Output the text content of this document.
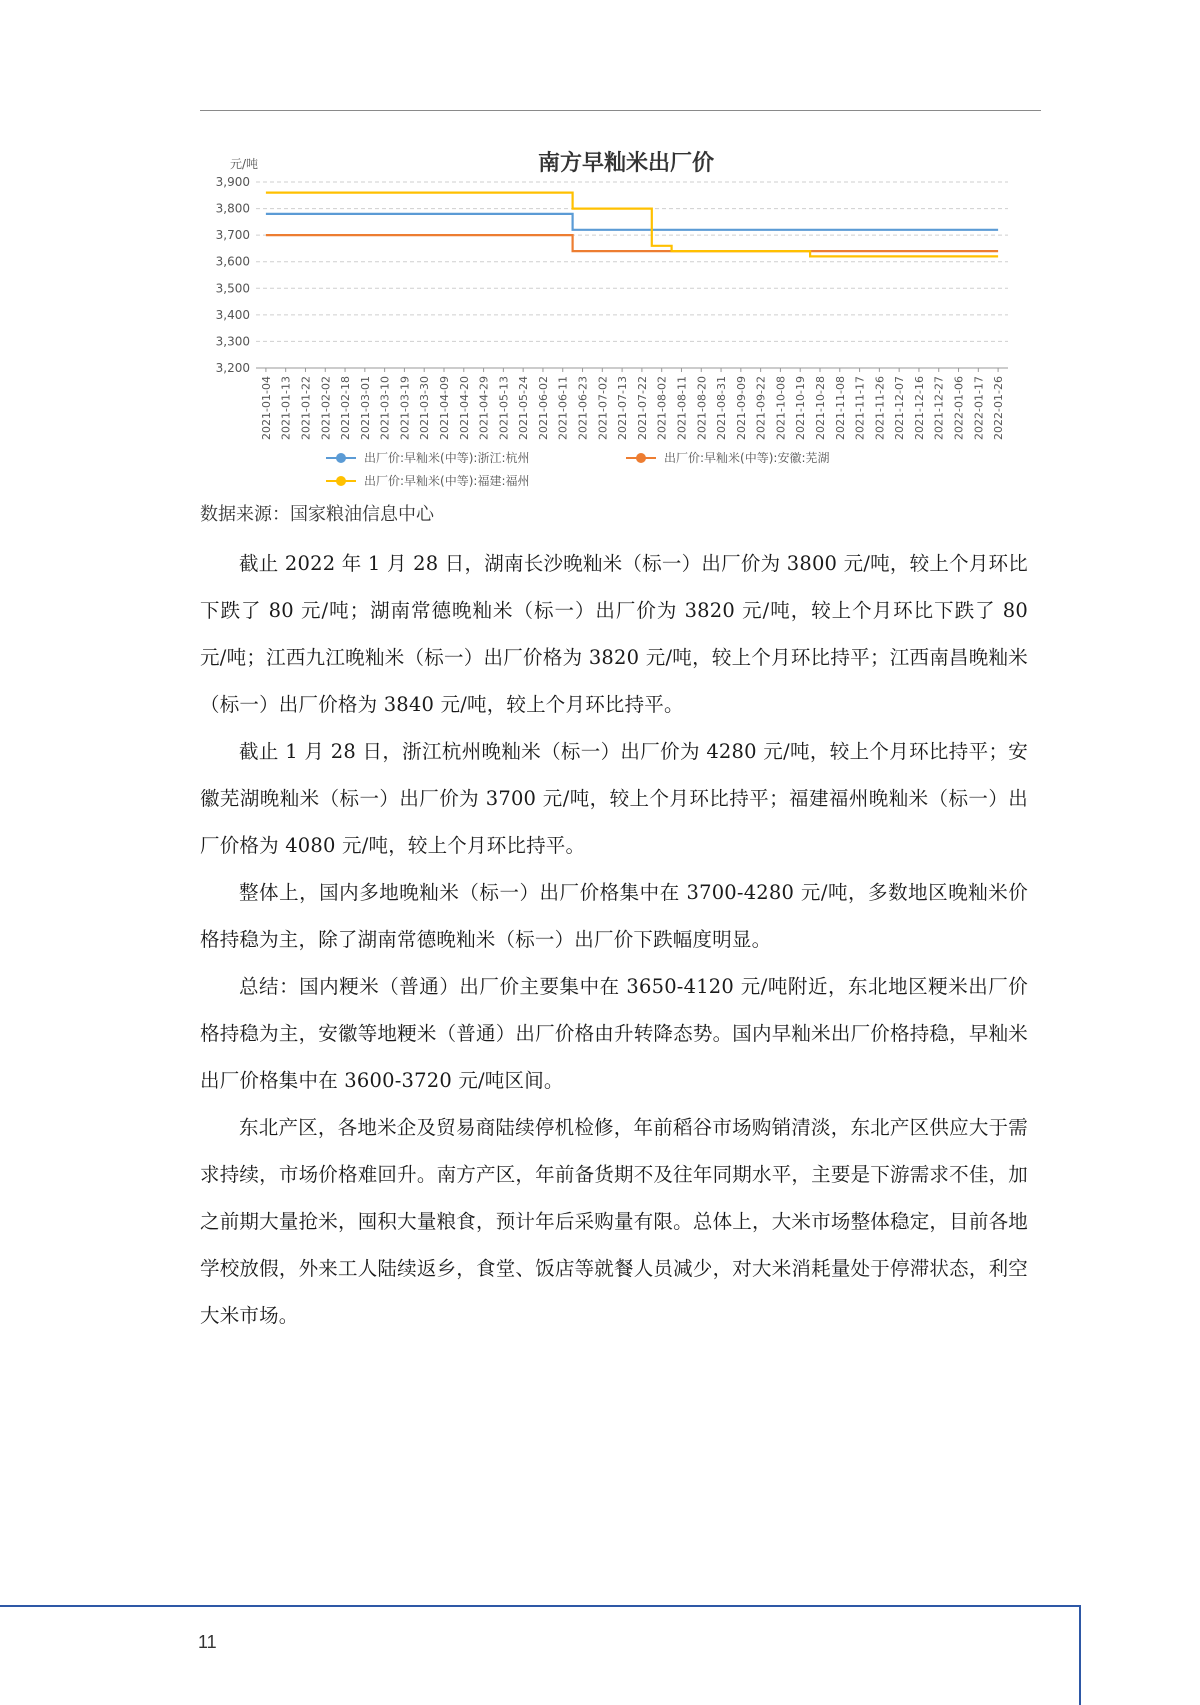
南方早籼米出厂价
元/吨
3,200
3,300
3,400
3,500
3,600
3,700
3,800
3,900
2021-01-04 2021-01-13 2021-01-22 2021-02-02 2021-02-18 2021-03-01 2021-03-10 2021-03-19 2021-03-30 2021-04-09 2021-04-20 2021-04-29 2021-05-13 2021-05-24 2021-06-02 2021-06-11 2021-06-23 2021-07-02 2021-07-13 2021-07-22 2021-08-02 2021-08-11 2021-08-20 2021-08-31 2021-09-09 2021-09-22 2021-10-08 2021-10-19 2021-10-28 2021-11-08 2021-11-17 2021-11-26 2021-12-07 2021-12-16 2021-12-27 2022-01-06 2022-01-17 2022-01-26
出厂价:早籼米(中等):浙江:杭州	出厂价:早籼米(中等):安徽:芜湖
出厂价:早籼米(中等):福建:福州
数据来源：国家粮油信息中心

截止 2022 年 1 月 28 日，湖南长沙晚籼米（标一）出厂价为 3800 元/吨，较上个月环比下跌了 80 元/吨；湖南常德晚籼米（标一）出厂价为 3820 元/吨，较上个月环比下跌了 80 元/吨；江西九江晚籼米（标一）出厂价格为 3820 元/吨，较上个月环比持平；江西南昌晚籼米（标一）出厂价格为 3840 元/吨，较上个月环比持平。

截止 1 月 28 日，浙江杭州晚籼米（标一）出厂价为 4280 元/吨，较上个月环比持平；安徽芜湖晚籼米（标一）出厂价为 3700 元/吨，较上个月环比持平；福建福州晚籼米（标一）出厂价格为 4080 元/吨，较上个月环比持平。

整体上，国内多地晚籼米（标一）出厂价格集中在 3700-4280 元/吨，多数地区晚籼米价格持稳为主，除了湖南常德晚籼米（标一）出厂价下跌幅度明显。

总结：国内粳米（普通）出厂价主要集中在 3650-4120 元/吨附近，东北地区粳米出厂价格持稳为主，安徽等地粳米（普通）出厂价格由升转降态势。国内早籼米出厂价格持稳，早籼米出厂价格集中在 3600-3720 元/吨区间。

东北产区，各地米企及贸易商陆续停机检修，年前稻谷市场购销清淡，东北产区供应大于需求持续，市场价格难回升。南方产区，年前备货期不及往年同期水平，主要是下游需求不佳，加之前期大量抢米，囤积大量粮食，预计年后采购量有限。总体上，大米市场整体稳定，目前各地学校放假，外来工人陆续返乡，食堂、饭店等就餐人员减少，对大米消耗量处于停滞状态，利空大米市场。

11
